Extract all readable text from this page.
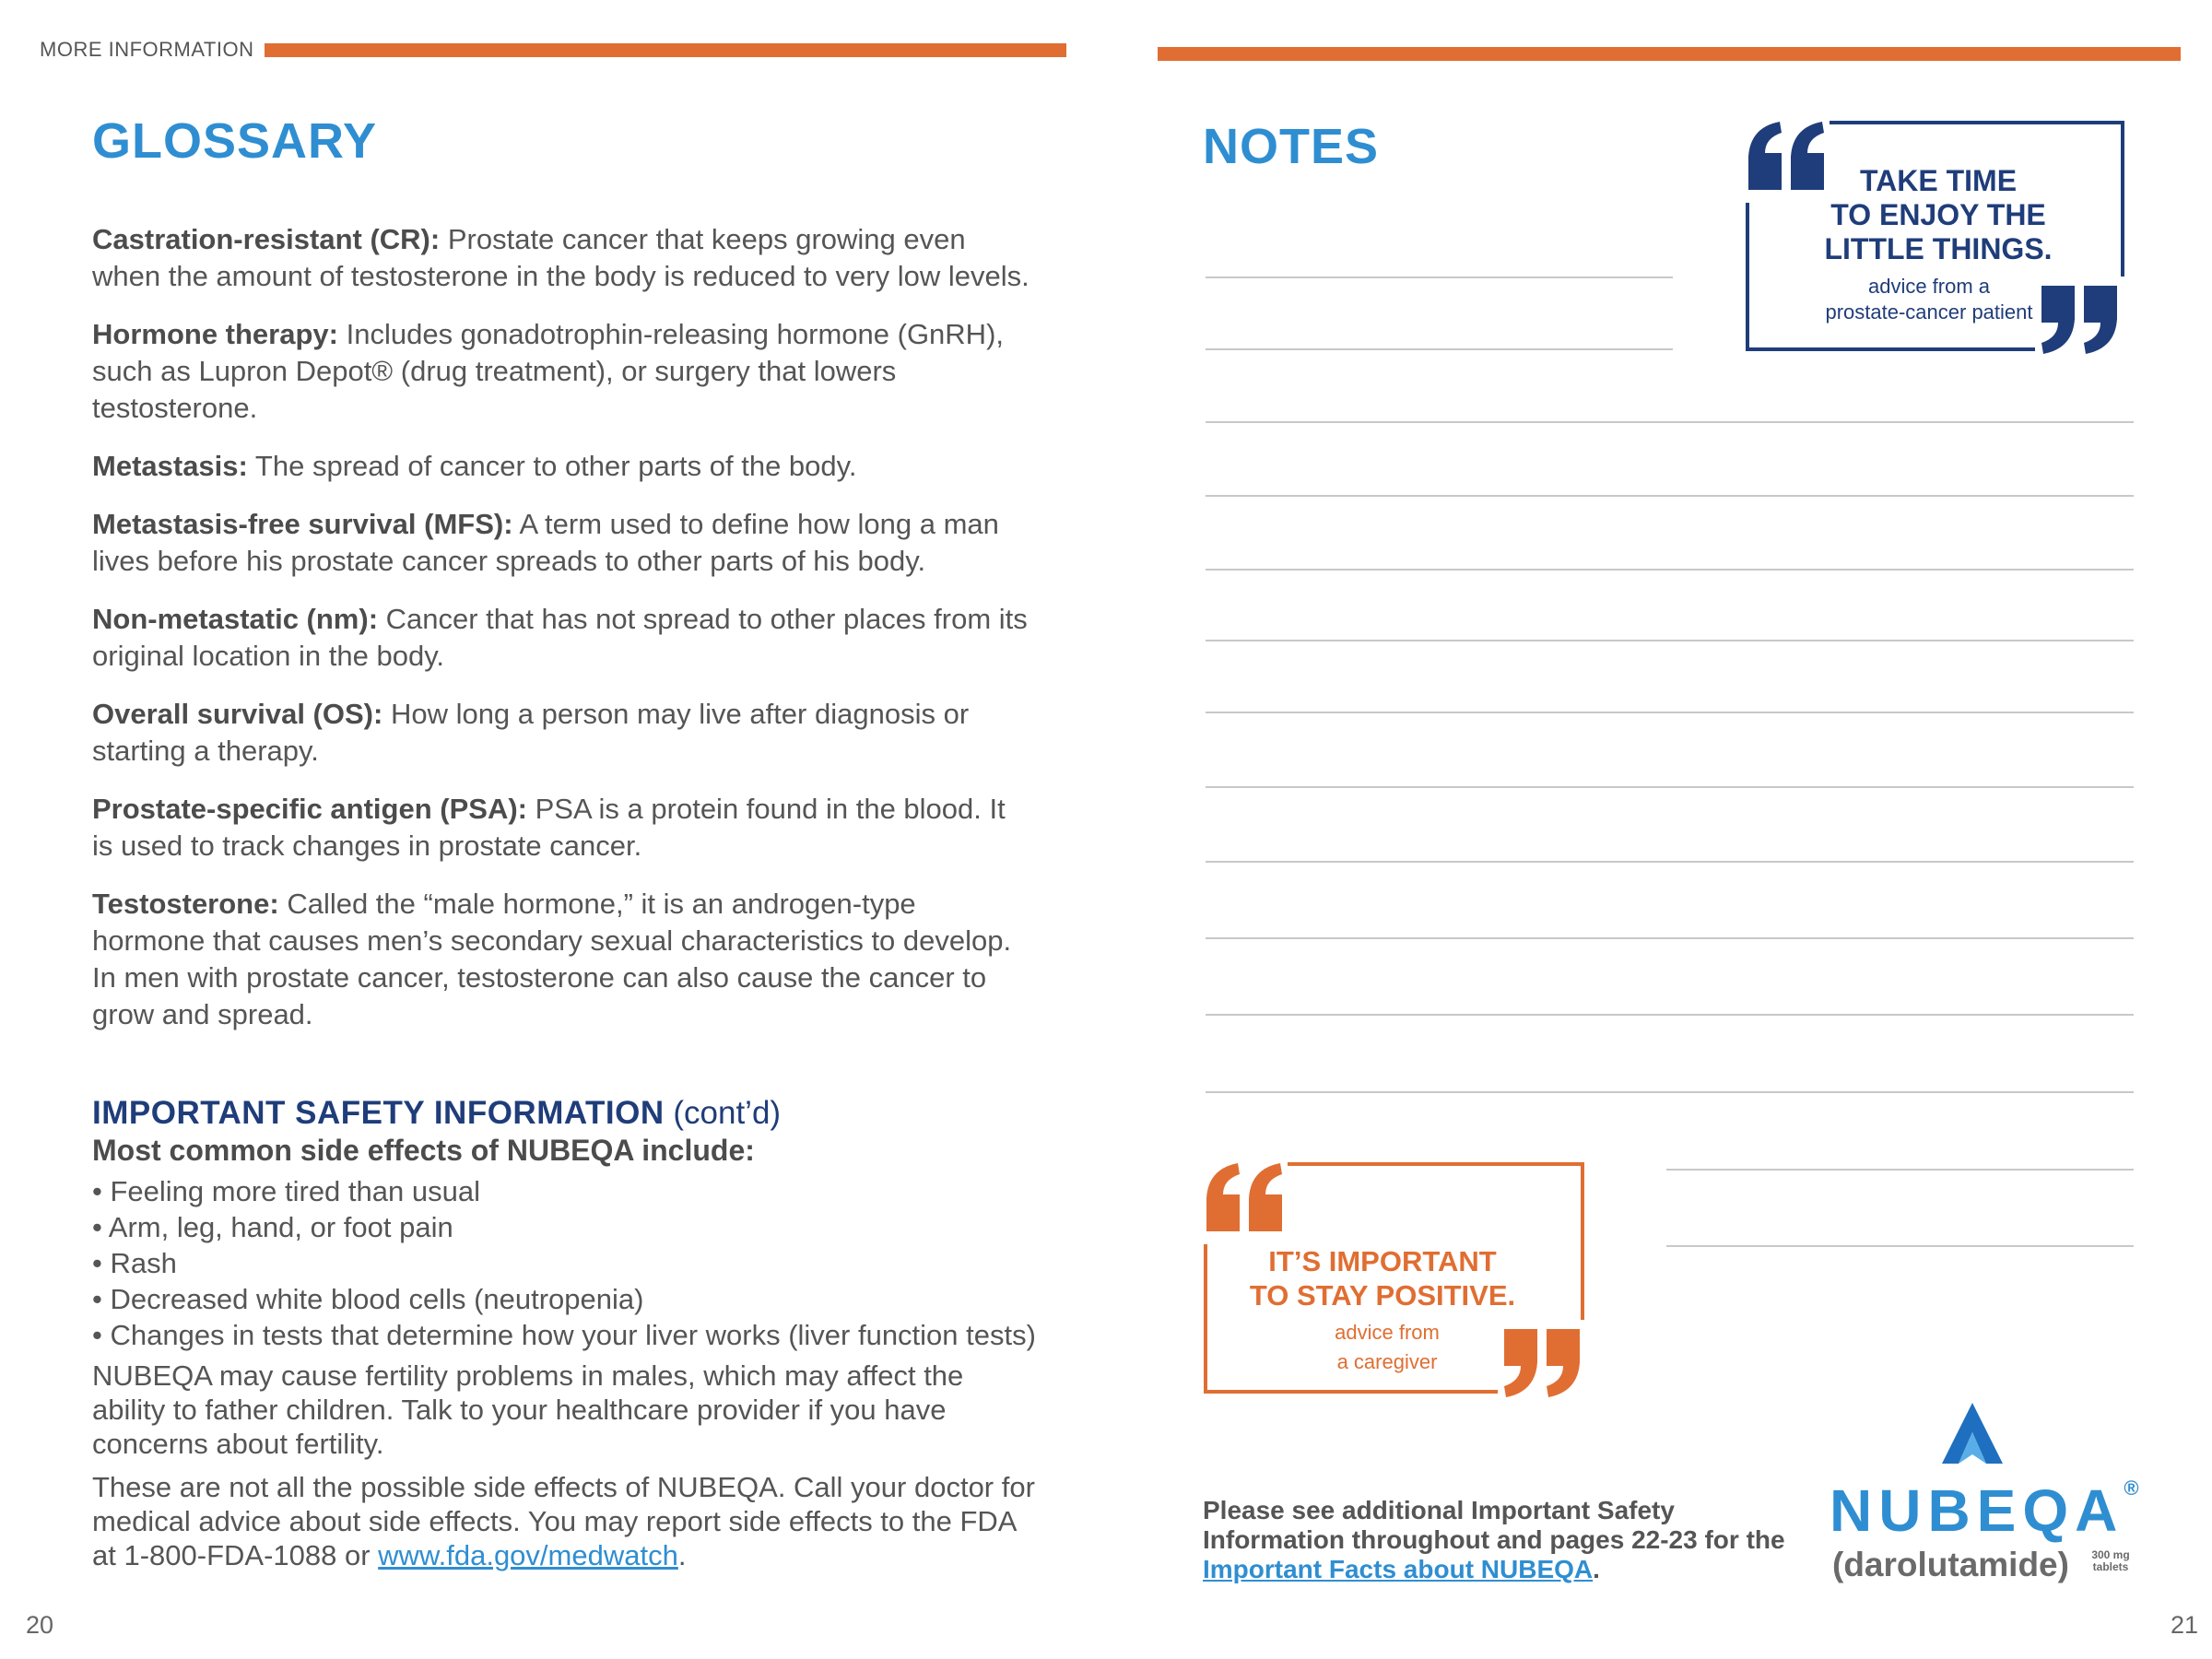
MORE INFORMATION
GLOSSARY

Castration-resistant (CR): Prostate cancer that keeps growing even when the amount of testosterone in the body is reduced to very low levels.

Hormone therapy: Includes gonadotrophin-releasing hormone (GnRH), such as Lupron Depot® (drug treatment), or surgery that lowers testosterone.

Metastasis: The spread of cancer to other parts of the body.

Metastasis-free survival (MFS): A term used to define how long a man lives before his prostate cancer spreads to other parts of his body.

Non-metastatic (nm): Cancer that has not spread to other places from its original location in the body.

Overall survival (OS): How long a person may live after diagnosis or starting a therapy.

Prostate-specific antigen (PSA): PSA is a protein found in the blood. It is used to track changes in prostate cancer.

Testosterone: Called the “male hormone,” it is an androgen-type hormone that causes men’s secondary sexual characteristics to develop. In men with prostate cancer, testosterone can also cause the cancer to grow and spread.

IMPORTANT SAFETY INFORMATION (cont’d)
Most common side effects of NUBEQA include:
• Feeling more tired than usual
• Arm, leg, hand, or foot pain
• Rash
• Decreased white blood cells (neutropenia)
• Changes in tests that determine how your liver works (liver function tests)

NUBEQA may cause fertility problems in males, which may affect the ability to father children. Talk to your healthcare provider if you have concerns about fertility.

These are not all the possible side effects of NUBEQA. Call your doctor for medical advice about side effects. You may report side effects to the FDA at 1-800-FDA-1088 or www.fda.gov/medwatch.

20
NOTES
TAKE TIME
TO ENJOY THE
LITTLE THINGS.
advice from a
prostate-cancer patient
IT’S IMPORTANT
TO STAY POSITIVE.
advice from
a caregiver
Please see additional Important Safety Information throughout and pages 22-23 for the Important Facts about NUBEQA.
NUBEQA®
(darolutamide)	300 mg
tablets
21
